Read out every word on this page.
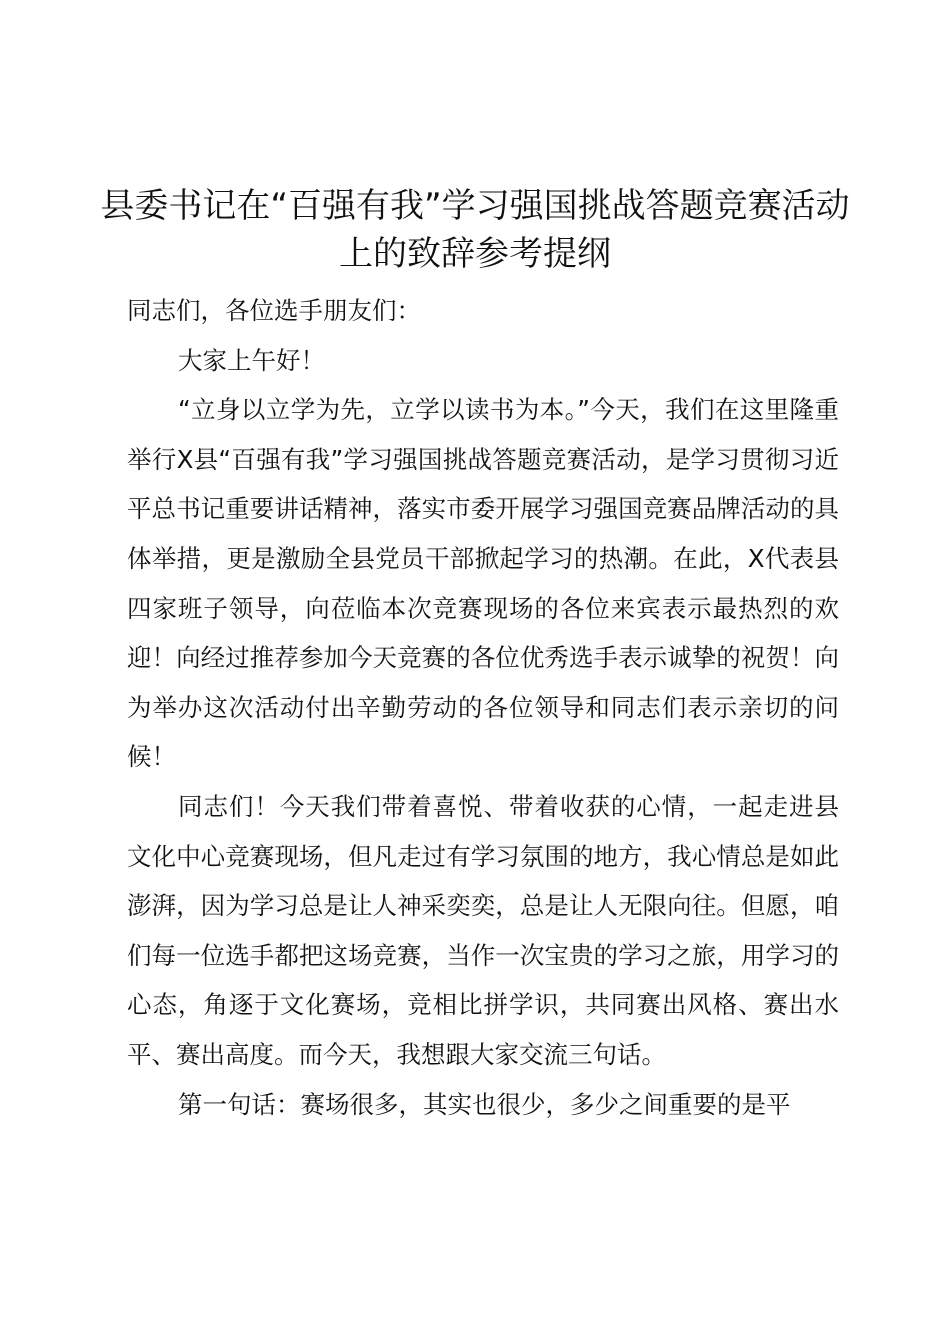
县委书记在“百强有我”学习强国挑战答题竞赛活动上的致辞参考提纲

同志们，各位选手朋友们：

大家上午好！

“立身以立学为先，立学以读书为本。”今天，我们在这里隆重举行X县“百强有我”学习强国挑战答题竞赛活动，是学习贯彻习近平总书记重要讲话精神，落实市委开展学习强国竞赛品牌活动的具体举措，更是激励全县党员干部掀起学习的热潮。在此，X代表县四家班子领导，向莅临本次竞赛现场的各位来宾表示最热烈的欢迎！向经过推荐参加今天竞赛的各位优秀选手表示诚挚的祝贺！向为举办这次活动付出辛勤劳动的各位领导和同志们表示亲切的问候！

同志们！今天我们带着喜悦、带着收获的心情，一起走进县文化中心竞赛现场，但凡走过有学习氛围的地方，我心情总是如此澎湃，因为学习总是让人神采奕奕，总是让人无限向往。但愿，咱们每一位选手都把这场竞赛，当作一次宝贵的学习之旅，用学习的心态，角逐于文化赛场，竞相比拼学识，共同赛出风格、赛出水平、赛出高度。而今天，我想跟大家交流三句话。

第一句话：赛场很多，其实也很少，多少之间重要的是平
